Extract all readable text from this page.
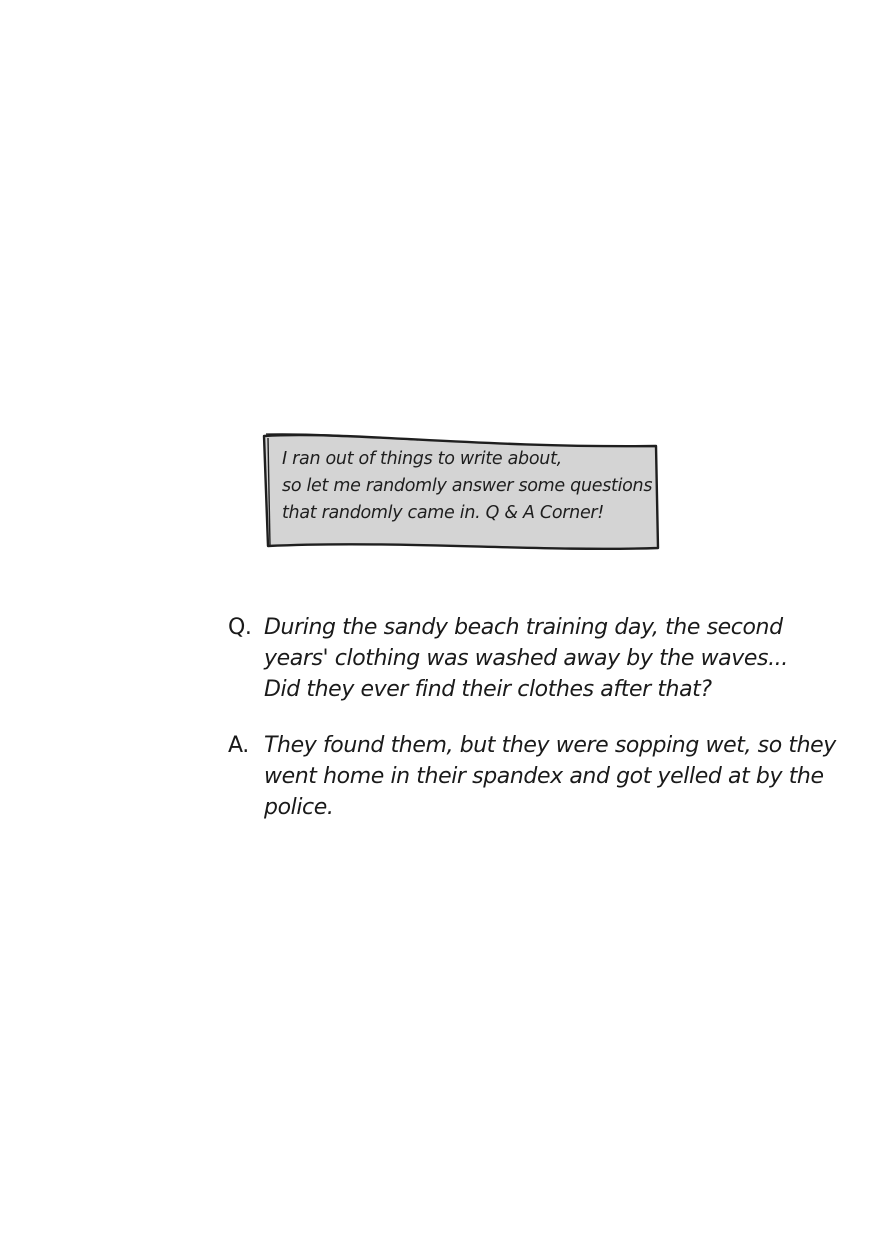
I ran out of things to write about,
so let me randomly answer some questions
that randomly came in. Q & A Corner!
Q. During the sandy beach training day, the second
years' clothing was washed away by the waves...
Did they ever find their clothes after that?
A. They found them, but they were sopping wet, so they
went home in their spandex and got yelled at by the
police.
